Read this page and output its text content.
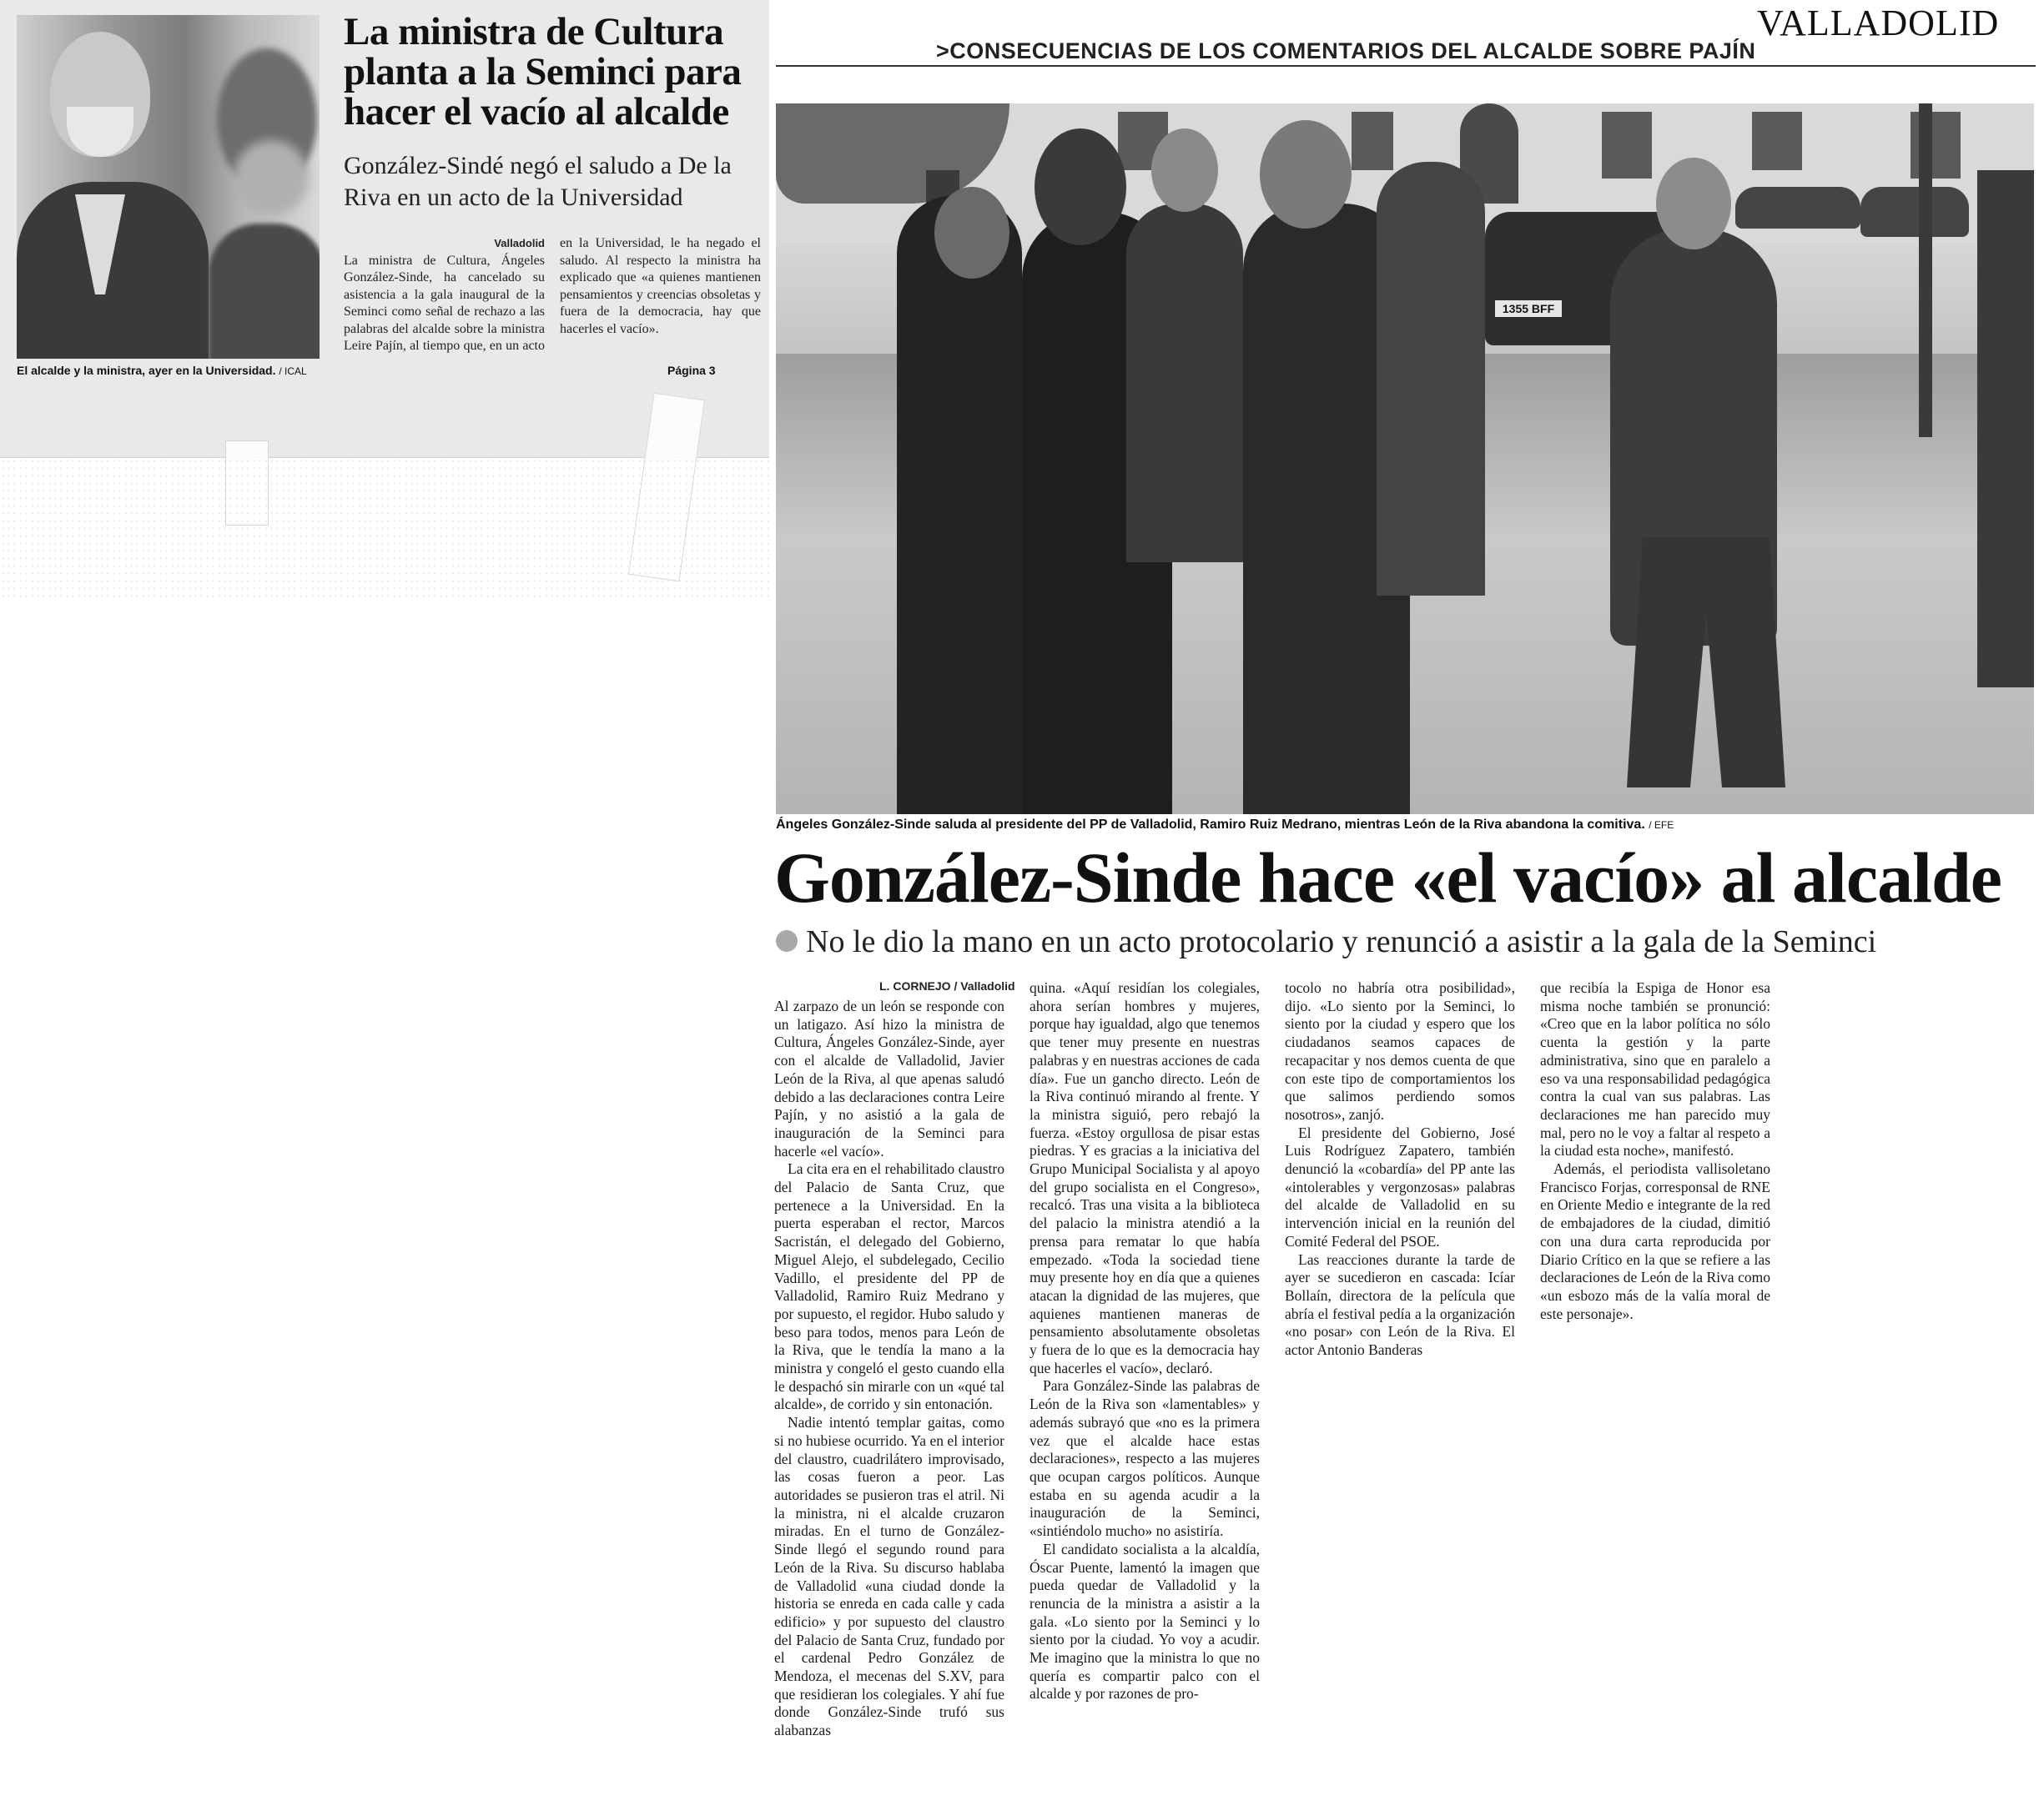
El alcalde y la ministra, ayer en la Universidad. / ICAL
La ministra de Cultura planta a la Seminci para hacer el vacío al alcalde
González-Sindé negó el saludo a De la Riva en un acto de la Universidad
Valladolid
La ministra de Cultura, Ángeles González-Sinde, ha cancelado su asistencia a la gala inaugural de la Seminci como señal de rechazo a las palabras del alcalde sobre la ministra Leire Pajín, al tiempo que, en un acto en la Universidad, le ha negado el saludo. Al respecto la ministra ha explicado que «a quienes mantienen pensamientos y creencias obsoletas y fuera de la democracia, hay que hacerles el vacío».
Página 3
VALLADOLID
>CONSECUENCIAS DE LOS COMENTARIOS DEL ALCALDE SOBRE PAJÍN
1355 BFF
Ángeles González-Sinde saluda al presidente del PP de Valladolid, Ramiro Ruiz Medrano, mientras León de la Riva abandona la comitiva. / EFE
González-Sinde hace «el vacío» al alcalde
No le dio la mano en un acto protocolario y renunció a asistir a la gala de la Seminci
L. CORNEJO / Valladolid

Al zarpazo de un león se responde con un latigazo. Así hizo la ministra de Cultura, Ángeles González-Sinde, ayer con el alcalde de Valladolid, Javier León de la Riva, al que apenas saludó debido a las declaraciones contra Leire Pajín, y no asistió a la gala de inauguración de la Seminci para hacerle «el vacío».

La cita era en el rehabilitado claustro del Palacio de Santa Cruz, que pertenece a la Universidad. En la puerta esperaban el rector, Marcos Sacristán, el delegado del Gobierno, Miguel Alejo, el subdelegado, Cecilio Vadillo, el presidente del PP de Valladolid, Ramiro Ruiz Medrano y por supuesto, el regidor. Hubo saludo y beso para todos, menos para León de la Riva, que le tendía la mano a la ministra y congeló el gesto cuando ella le despachó sin mirarle con un «qué tal alcalde», de corrido y sin entonación.

Nadie intentó templar gaitas, como si no hubiese ocurrido. Ya en el interior del claustro, cuadrilátero improvisado, las cosas fueron a peor. Las autoridades se pusieron tras el atril. Ni la ministra, ni el alcalde cruzaron miradas. En el turno de González-Sinde llegó el segundo round para León de la Riva. Su discurso hablaba de Valladolid «una ciudad donde la historia se enreda en cada calle y cada edificio» y por supuesto del claustro del Palacio de Santa Cruz, fundado por el cardenal Pedro González de Mendoza, el mecenas del S.XV, para que residieran los colegiales. Y ahí fue donde González-Sinde trufó sus alabanzas

quina. «Aquí residían los colegiales, ahora serían hombres y mujeres, porque hay igualdad, algo que tenemos que tener muy presente en nuestras palabras y en nuestras acciones de cada día». Fue un gancho directo. León de la Riva continuó mirando al frente. Y la ministra siguió, pero rebajó la fuerza. «Estoy orgullosa de pisar estas piedras. Y es gracias a la iniciativa del Grupo Municipal Socialista y al apoyo del grupo socialista en el Congreso», recalcó. Tras una visita a la biblioteca del palacio la ministra atendió a la prensa para rematar lo que había empezado. «Toda la sociedad tiene muy presente hoy en día que a quienes atacan la dignidad de las mujeres, que aquienes mantienen maneras de pensamiento absolutamente obsoletas y fuera de lo que es la democracia hay que hacerles el vacío», declaró.

Para González-Sinde las palabras de León de la Riva son «lamentables» y además subrayó que «no es la primera vez que el alcalde hace estas declaraciones», respecto a las mujeres que ocupan cargos políticos. Aunque estaba en su agenda acudir a la inauguración de la Seminci, «sintiéndolo mucho» no asistiría.

El candidato socialista a la alcaldía, Óscar Puente, lamentó la imagen que pueda quedar de Valladolid y la renuncia de la ministra a asistir a la gala. «Lo siento por la Seminci y lo siento por la ciudad. Yo voy a acudir. Me imagino que la ministra lo que no quería es compartir palco con el alcalde y por razones de pro-

tocolo no habría otra posibilidad», dijo. «Lo siento por la Seminci, lo siento por la ciudad y espero que los ciudadanos seamos capaces de recapacitar y nos demos cuenta de que con este tipo de comportamientos los que salimos perdiendo somos nosotros», zanjó.

El presidente del Gobierno, José Luis Rodríguez Zapatero, también denunció la «cobardía» del PP ante las «intolerables y vergonzosas» palabras del alcalde de Valladolid en su intervención inicial en la reunión del Comité Federal del PSOE.

Las reacciones durante la tarde de ayer se sucedieron en cascada: Icíar Bollaín, directora de la película que abría el festival pedía a la organización «no posar» con León de la Riva. El actor Antonio Banderas

que recibía la Espiga de Honor esa misma noche también se pronunció: «Creo que en la labor política no sólo cuenta la gestión y la parte administrativa, sino que en paralelo a eso va una responsabilidad pedagógica contra la cual van sus palabras. Las declaraciones me han parecido muy mal, pero no le voy a faltar al respeto a la ciudad esta noche», manifestó.

Además, el periodista vallisoletano Francisco Forjas, corresponsal de RNE en Oriente Medio e integrante de la red de embajadores de la ciudad, dimitió con una dura carta reproducida por Diario Crítico en la que se refiere a las declaraciones de León de la Riva como «un esbozo más de la valía moral de este personaje».
